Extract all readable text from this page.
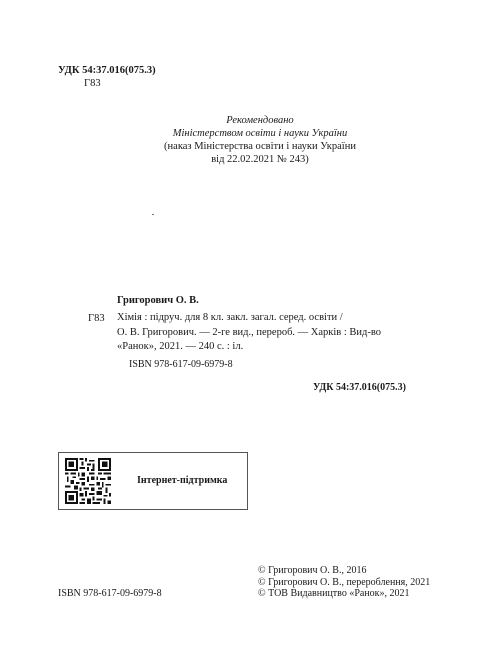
УДК 54:37.016(075.3)
Г83
Рекомендовано
Міністерством освіти і науки України
(наказ Міністерства освіти і науки України
від 22.02.2021 № 243)
Григорович О. В.
Г83 Хімія : підруч. для 8 кл. закл. загал. серед. освіти /
О. В. Григорович. — 2-ге вид., перероб. — Харків : Вид-во
«Ранок», 2021. — 240 с. : іл.
ISBN 978-617-09-6979-8
УДК 54:37.016(075.3)
Інтернет-підтримка
ISBN 978-617-09-6979-8
© Григорович О. В., 2016
© Григорович О. В., перероблення, 2021
© ТОВ Видавництво «Ранок», 2021
